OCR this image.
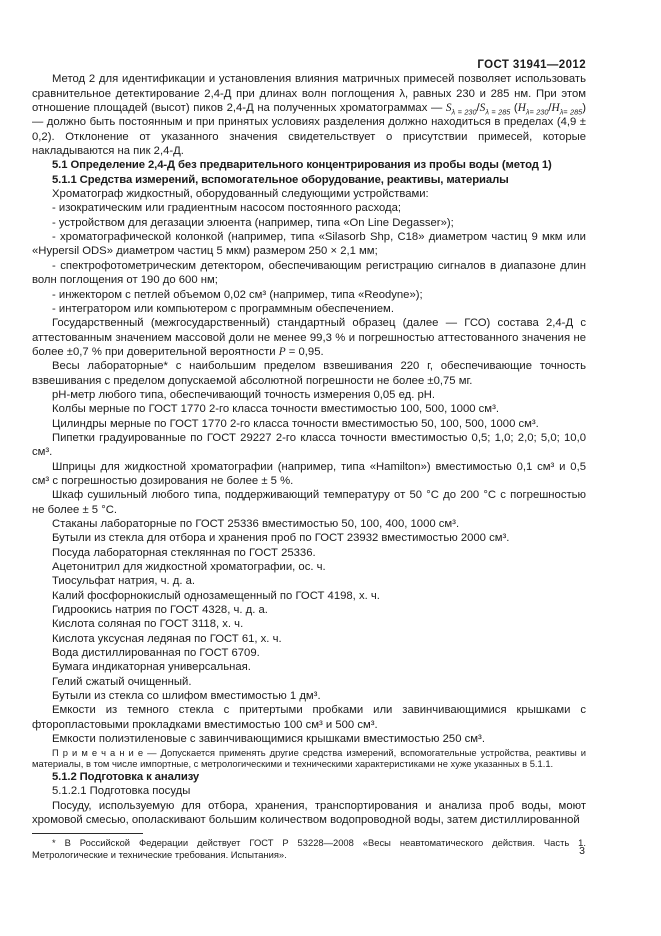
ГОСТ 31941—2012

Метод 2 для идентификации и установления влияния матричных примесей позволяет использовать сравнительное детектирование 2,4-Д при длинах волн поглощения λ, равных 230 и 285 нм. При этом отношение площадей (высот) пиков 2,4-Д на полученных хроматограммах — $S_{\lambda = 230}/S_{\lambda = 285}$ $(H_{\lambda= 230}/H_{\lambda= 285})$ — должно быть постоянным и при принятых условиях разделения должно находиться в пределах (4,9 ± 0,2). Отклонение от указанного значения свидетельствует о присутствии примесей, которые накладываются на пик 2,4-Д.

5.1 Определение 2,4-Д без предварительного концентрирования из пробы воды (метод 1)

5.1.1 Средства измерений, вспомогательное оборудование, реактивы, материалы

Хроматограф жидкостный, оборудованный следующими устройствами:

- изократическим или градиентным насосом постоянного расхода;

- устройством для дегазации элюента (например, типа «On Line Degasser»);

- хроматографической колонкой (например, типа «Silasorb Shp, C18» диаметром частиц 9 мкм или «Hypersil ODS» диаметром частиц 5 мкм) размером 250 × 2,1 мм;

- спектрофотометрическим детектором, обеспечивающим регистрацию сигналов в диапазоне длин волн поглощения от 190 до 600 нм;

- инжектором с петлей объемом 0,02 см³ (например, типа «Reodyne»);

- интегратором или компьютером с программным обеспечением.

Государственный (межгосударственный) стандартный образец (далее — ГСО) состава 2,4-Д с аттестованным значением массовой доли не менее 99,3 % и погрешностью аттестованного значения не более ±0,7 % при доверительной вероятности P = 0,95.

Весы лабораторные* с наибольшим пределом взвешивания 220 г, обеспечивающие точность взвешивания с пределом допускаемой абсолютной погрешности не более ±0,75 мг.

pH-метр любого типа, обеспечивающий точность измерения 0,05 ед. pH.

Колбы мерные по ГОСТ 1770 2-го класса точности вместимостью 100, 500, 1000 см³.

Цилиндры мерные по ГОСТ 1770 2-го класса точности вместимостью 50, 100, 500, 1000 см³.

Пипетки градуированные по ГОСТ 29227 2-го класса точности вместимостью 0,5; 1,0; 2,0; 5,0; 10,0 см³.

Шприцы для жидкостной хроматографии (например, типа «Hamilton») вместимостью 0,1 см³ и 0,5 см³ с погрешностью дозирования не более ± 5 %.

Шкаф сушильный любого типа, поддерживающий температуру от 50 °С до 200 °С с погрешностью не более ± 5 °С.

Стаканы лабораторные по ГОСТ 25336 вместимостью 50, 100, 400, 1000 см³.

Бутыли из стекла для отбора и хранения проб по ГОСТ 23932 вместимостью 2000 см³.

Посуда лабораторная стеклянная по ГОСТ 25336.

Ацетонитрил для жидкостной хроматографии, ос. ч.

Тиосульфат натрия, ч. д. а.

Калий фосфорнокислый однозамещенный по ГОСТ 4198, х. ч.

Гидроокись натрия по ГОСТ 4328, ч. д. а.

Кислота соляная по ГОСТ 3118, х. ч.

Кислота уксусная ледяная по ГОСТ 61, х. ч.

Вода дистиллированная по ГОСТ 6709.

Бумага индикаторная универсальная.

Гелий сжатый очищенный.

Бутыли из стекла со шлифом вместимостью 1 дм³.

Емкости из темного стекла с притертыми пробками или завинчивающимися крышками с фторопластовыми прокладками вместимостью 100 см³ и 500 см³.

Емкости полиэтиленовые с завинчивающимися крышками вместимостью 250 см³.

П р и м е ч а н и е — Допускается применять другие средства измерений, вспомогательные устройства, реактивы и материалы, в том числе импортные, с метрологическими и техническими характеристиками не хуже указанных в 5.1.1.

5.1.2 Подготовка к анализу

5.1.2.1 Подготовка посуды

Посуду, используемую для отбора, хранения, транспортирования и анализа проб воды, моют хромовой смесью, ополаскивают большим количеством водопроводной воды, затем дистиллированной

* В Российской Федерации действует ГОСТ Р 53228—2008 «Весы неавтоматического действия. Часть 1. Метрологические и технические требования. Испытания».	3
